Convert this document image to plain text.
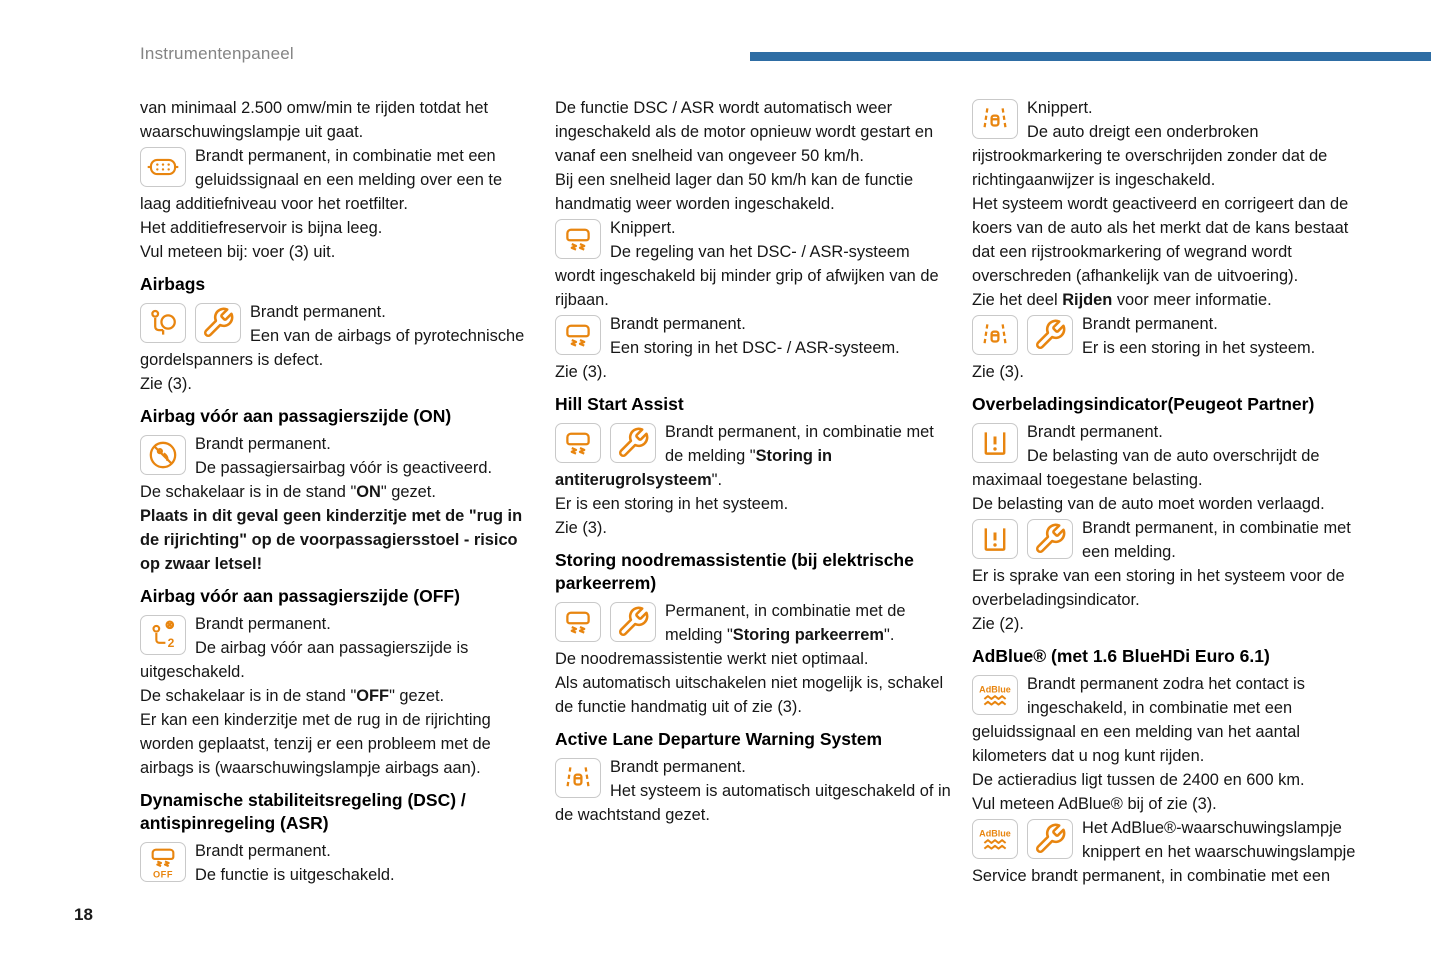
Instrumentenpaneel
van minimaal 2.500 omw/min te rijden totdat het waarschuwingslampje uit gaat.
Brandt permanent, in combinatie met een geluidssignaal en een melding over een te laag additiefniveau voor het roetfilter.
Het additiefreservoir is bijna leeg.
Vul meteen bij: voer (3) uit.
Airbags
Brandt permanent.
Een van de airbags of pyrotechnische gordelspanners is defect.
Zie (3).
Airbag vóór aan passagierszijde (ON)
Brandt permanent.
De passagiersairbag vóór is geactiveerd.
De schakelaar is in de stand "ON" gezet.
Plaats in dit geval geen kinderzitje met de "rug in de rijrichting" op de voorpassagiersstoel - risico op zwaar letsel!
Airbag vóór aan passagierszijde (OFF)
2
Brandt permanent.
De airbag vóór aan passagierszijde is uitgeschakeld.
De schakelaar is in de stand "OFF" gezet.
Er kan een kinderzitje met de rug in de rijrichting worden geplaatst, tenzij er een probleem met de airbags is (waarschuwingslampje airbags aan).
Dynamische stabiliteitsregeling (DSC) / antispinregeling (ASR)
OFF
Brandt permanent.
De functie is uitgeschakeld.
De functie DSC / ASR wordt automatisch weer ingeschakeld als de motor opnieuw wordt gestart en vanaf een snelheid van ongeveer 50 km/h.
Bij een snelheid lager dan 50 km/h kan de functie handmatig weer worden ingeschakeld.
Knippert.
De regeling van het DSC- / ASR-systeem wordt ingeschakeld bij minder grip of afwijken van de rijbaan.
Brandt permanent.
Een storing in het DSC- / ASR-systeem.
Zie (3).
Hill Start Assist
Brandt permanent, in combinatie met de melding "Storing in antiterugrolsysteem".
Er is een storing in het systeem.
Zie (3).
Storing noodremassistentie (bij elektrische parkeerrem)
Permanent, in combinatie met de melding "Storing parkeerrem".
De noodremassistentie werkt niet optimaal.
Als automatisch uitschakelen niet mogelijk is, schakel de functie handmatig uit of zie (3).
Active Lane Departure Warning System
Brandt permanent.
Het systeem is automatisch uitgeschakeld of in de wachtstand gezet.
Knippert.
De auto dreigt een onderbroken rijstrookmarkering te overschrijden zonder dat de richtingaanwijzer is ingeschakeld.
Het systeem wordt geactiveerd en corrigeert dan de koers van de auto als het merkt dat de kans bestaat dat een rijstrookmarkering of wegrand wordt overschreden (afhankelijk van de uitvoering).
Zie het deel Rijden voor meer informatie.
Brandt permanent.
Er is een storing in het systeem.
Zie (3).
Overbeladingsindicator(Peugeot Partner)
Brandt permanent.
De belasting van de auto overschrijdt de maximaal toegestane belasting.
De belasting van de auto moet worden verlaagd.
Brandt permanent, in combinatie met een melding.
Er is sprake van een storing in het systeem voor de overbeladingsindicator.
Zie (2).
AdBlue® (met 1.6 BlueHDi Euro 6.1)
AdBlue Brandt permanent zodra het contact is ingeschakeld, in combinatie met een geluidssignaal en een melding van het aantal kilometers dat u nog kunt rijden.
De actieradius ligt tussen de 2400 en 600 km.
Vul meteen AdBlue® bij of zie (3).
AdBlue	Het AdBlue®-waarschuwingslampje knippert en het waarschuwingslampje Service brandt permanent, in combinatie met een
18
